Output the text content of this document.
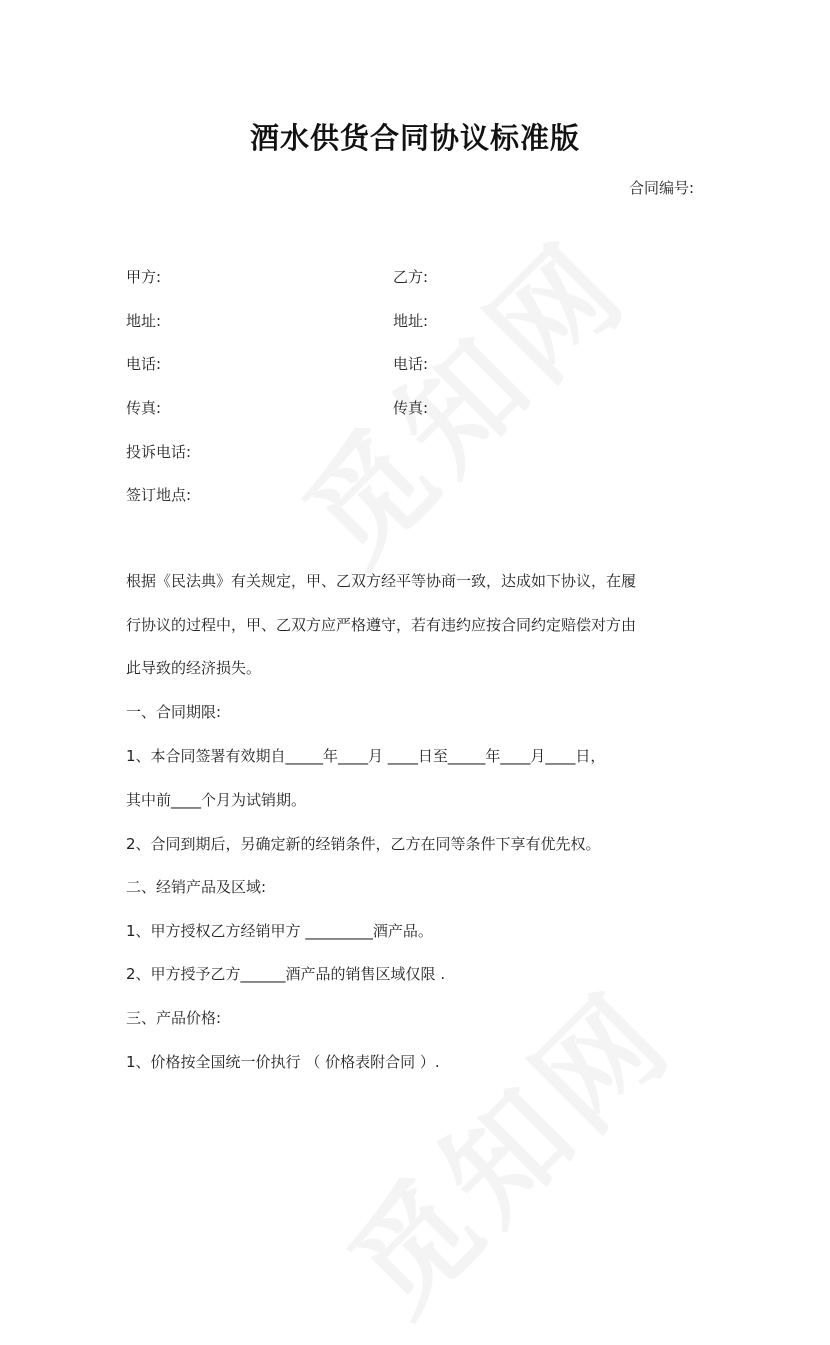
酒水供货合同协议标准版
合同编号:
甲方:
地址:
电话:
传真:
投诉电话:
签订地点:
乙方:
地址:
电话:
传真:
根据《民法典》有关规定，甲、乙双方经平等协商一致，达成如下协议，在履
行协议的过程中，甲、乙双方应严格遵守，若有违约应按合同约定赔偿对方由
此导致的经济损失。
一、合同期限:
1、本合同签署有效期自_____年____月 ____日至_____年____月____日，
其中前____个月为试销期。
2、合同到期后，另确定新的经销条件，乙方在同等条件下享有优先权。
二、经销产品及区域:
1、甲方授权乙方经销甲方 _________酒产品。
2、甲方授予乙方______酒产品的销售区域仅限 .
三、产品价格:
1、价格按全国统一价执行 （ 价格表附合同 ）.
